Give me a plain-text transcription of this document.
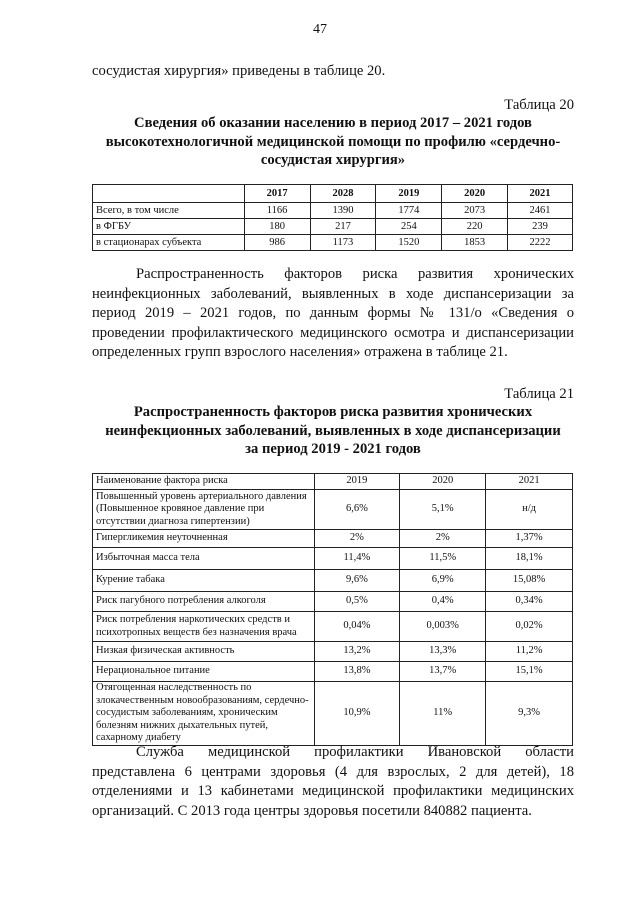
47

сосудистая хирургия» приведены в таблице 20.

Таблица 20
Сведения об оказании населению в период 2017 – 2021 годов
высокотехнологичной медицинской помощи по профилю «сердечно-
сосудистая хирургия»
	2017	2028	2019	2020	2021
Всего, в том числе	1166	1390	1774	2073	2461
в ФГБУ	180	217	254	220	239
в стационарах субъекта	986	1173	1520	1853	2222

Распространенность факторов риска развития хронических неинфекционных заболеваний, выявленных в ходе диспансеризации за период 2019 – 2021 годов, по данным формы № 131/о «Сведения о проведении профилактического медицинского осмотра и диспансеризации определенных групп взрослого населения» отражена в таблице 21.

Таблица 21
Распространенность факторов риска развития хронических
неинфекционных заболеваний, выявленных в ходе диспансеризации
за период 2019 - 2021 годов
Наименование фактора риска	2019	2020	2021
Повышенный уровень артериального давления (Повышенное кровяное давление при отсутствии диагноза гипертензии)	6,6%	5,1%	н/д
Гипергликемия неуточненная	2%	2%	1,37%
Избыточная масса тела	11,4%	11,5%	18,1%
Курение табака	9,6%	6,9%	15,08%
Риск пагубного потребления алкоголя	0,5%	0,4%	0,34%
Риск потребления наркотических средств и психотропных веществ без назначения врача	0,04%	0,003%	0,02%
Низкая физическая активность	13,2%	13,3%	11,2%
Нерациональное питание	13,8%	13,7%	15,1%
Отягощенная наследственность по злокачественным новообразованиям, сердечно-сосудистым заболеваниям, хроническим болезням нижних дыхательных путей, сахарному диабету	10,9%	11%	9,3%

Служба медицинской профилактики Ивановской области представлена 6 центрами здоровья (4 для взрослых, 2 для детей), 18 отделениями и 13 кабинетами медицинской профилактики медицинских организаций. С 2013 года центры здоровья посетили 840882 пациента.
